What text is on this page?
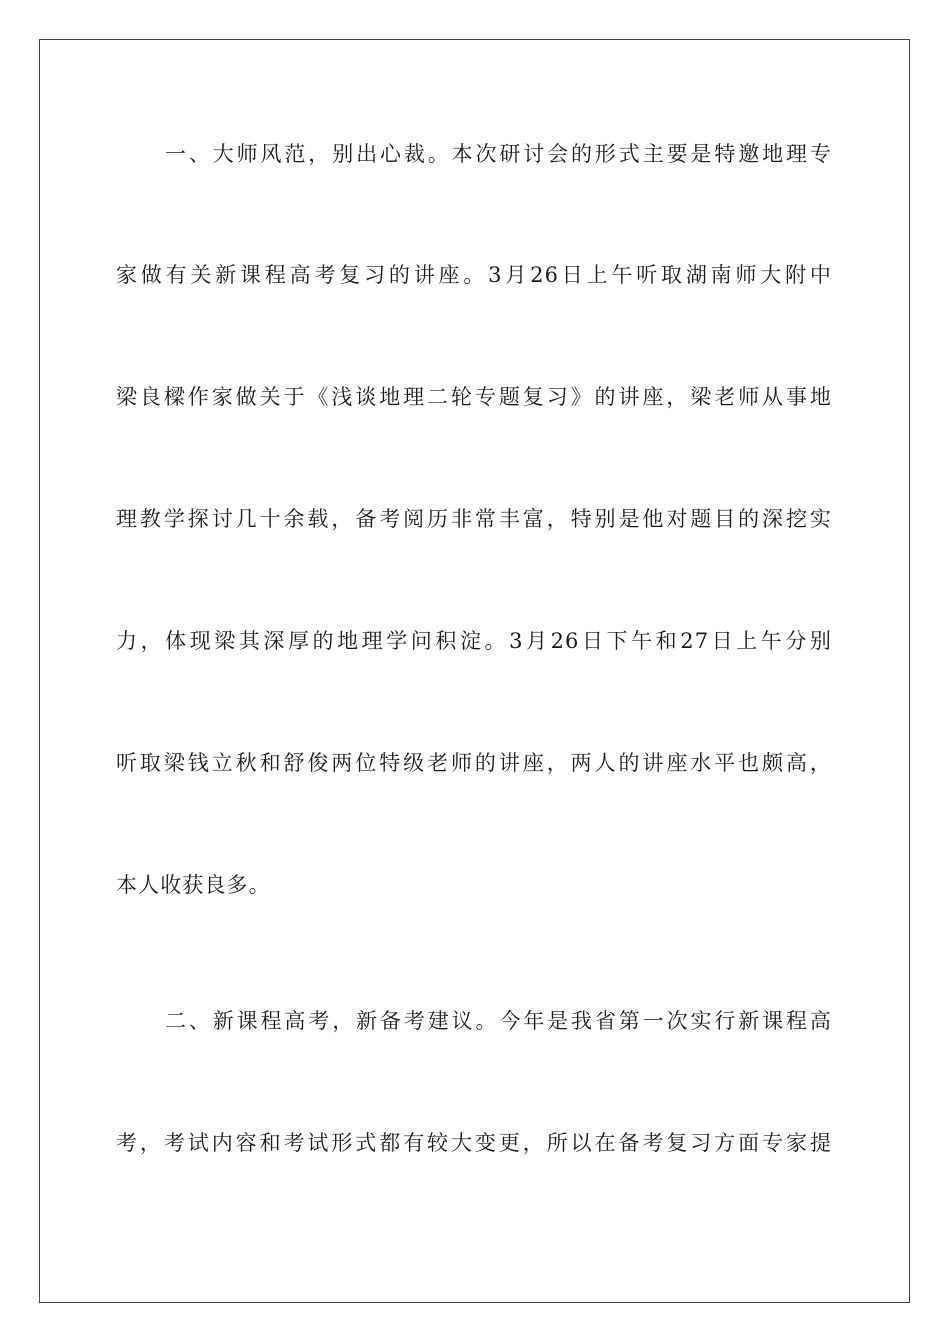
一、大师风范，别出心裁。本次研讨会的形式主要是特邀地理专
家做有关新课程高考复习的讲座。3月26日上午听取湖南师大附中
梁良樑作家做关于《浅谈地理二轮专题复习》的讲座，梁老师从事地
理教学探讨几十余载，备考阅历非常丰富，特别是他对题目的深挖实
力，体现梁其深厚的地理学问积淀。3月26日下午和27日上午分别
听取梁钱立秋和舒俊两位特级老师的讲座，两人的讲座水平也颇高，
本人收获良多。
二、新课程高考，新备考建议。今年是我省第一次实行新课程高
考，考试内容和考试形式都有较大变更，所以在备考复习方面专家提
